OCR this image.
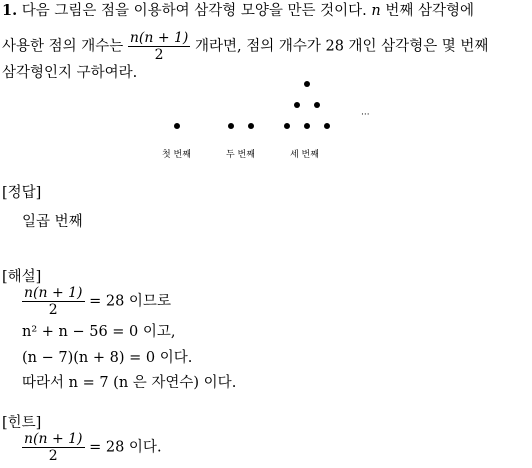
1. 다음 그림은 점을 이용하여 삼각형 모양을 만든 것이다. n 번째 삼각형에
사용한 점의 개수는 $\frac{n(n + 1)}{2}$ 개라면, 점의 개수가 28 개인 삼각형은 몇 번째
삼각형인지 구하여라.
···
첫 번째	두 번째	세 번째
[정답]
일곱 번째
[해설]
$\frac{n(n + 1)}{2} = 28$ 이므로
n² + n − 56 = 0 이고,
(n − 7)(n + 8) = 0 이다.
따라서 n = 7 (n 은 자연수) 이다.
[힌트]
$\frac{n(n + 1)}{2} = 28$ 이다.
